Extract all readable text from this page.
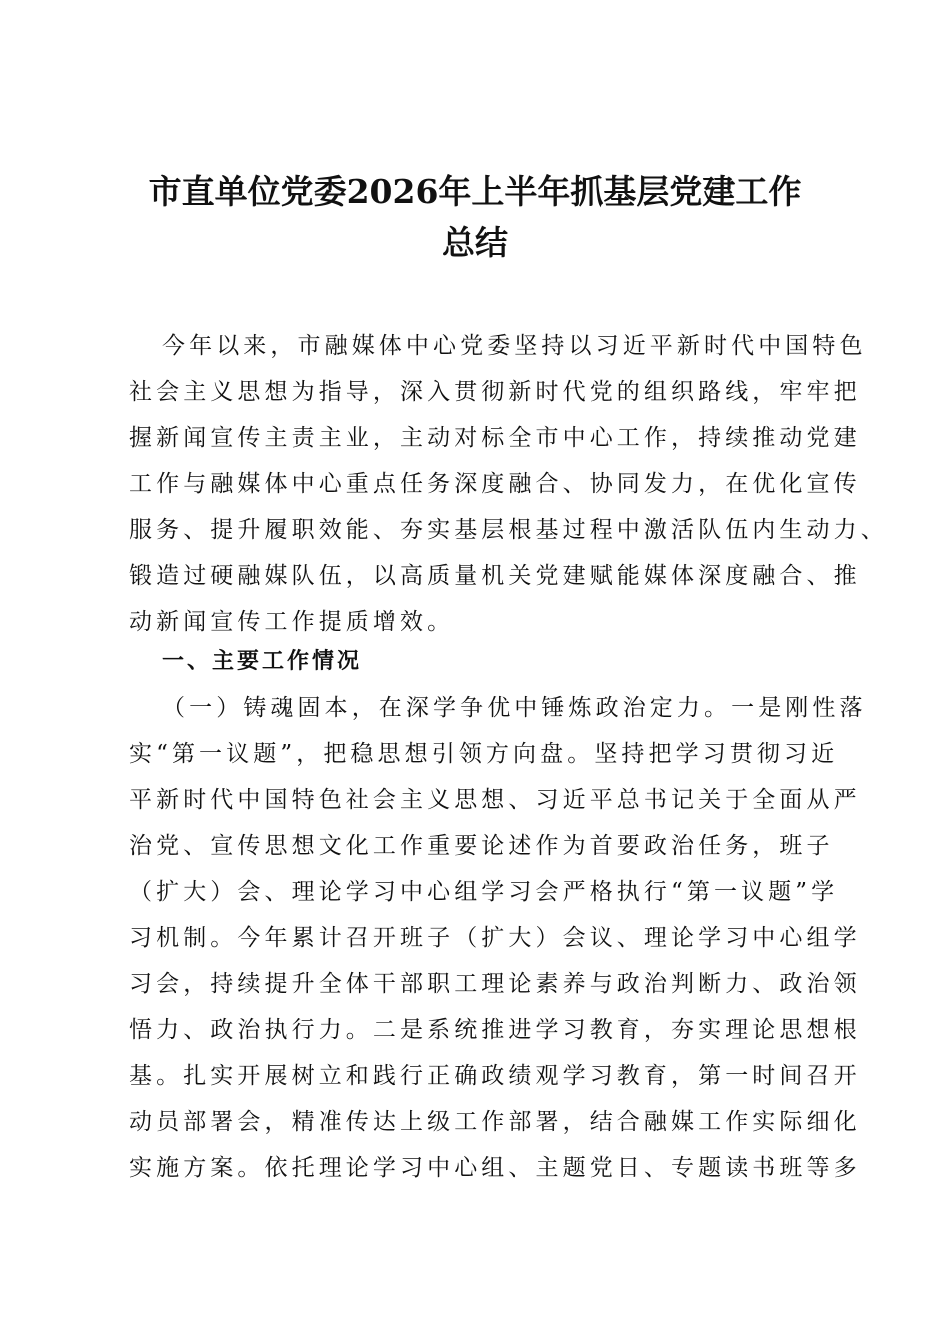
市直单位党委2026年上半年抓基层党建工作
总结
今年以来，市融媒体中心党委坚持以习近平新时代中国特色
社会主义思想为指导，深入贯彻新时代党的组织路线，牢牢把
握新闻宣传主责主业，主动对标全市中心工作，持续推动党建
工作与融媒体中心重点任务深度融合、协同发力，在优化宣传
服务、提升履职效能、夯实基层根基过程中激活队伍内生动力、
锻造过硬融媒队伍，以高质量机关党建赋能媒体深度融合、推
动新闻宣传工作提质增效。
一、主要工作情况
（一）铸魂固本，在深学争优中锤炼政治定力。一是刚性落
实“第一议题”，把稳思想引领方向盘。坚持把学习贯彻习近
平新时代中国特色社会主义思想、习近平总书记关于全面从严
治党、宣传思想文化工作重要论述作为首要政治任务，班子
（扩大）会、理论学习中心组学习会严格执行“第一议题”学
习机制。今年累计召开班子（扩大）会议、理论学习中心组学
习会，持续提升全体干部职工理论素养与政治判断力、政治领
悟力、政治执行力。二是系统推进学习教育，夯实理论思想根
基。扎实开展树立和践行正确政绩观学习教育，第一时间召开
动员部署会，精准传达上级工作部署，结合融媒工作实际细化
实施方案。依托理论学习中心组、主题党日、专题读书班等多
